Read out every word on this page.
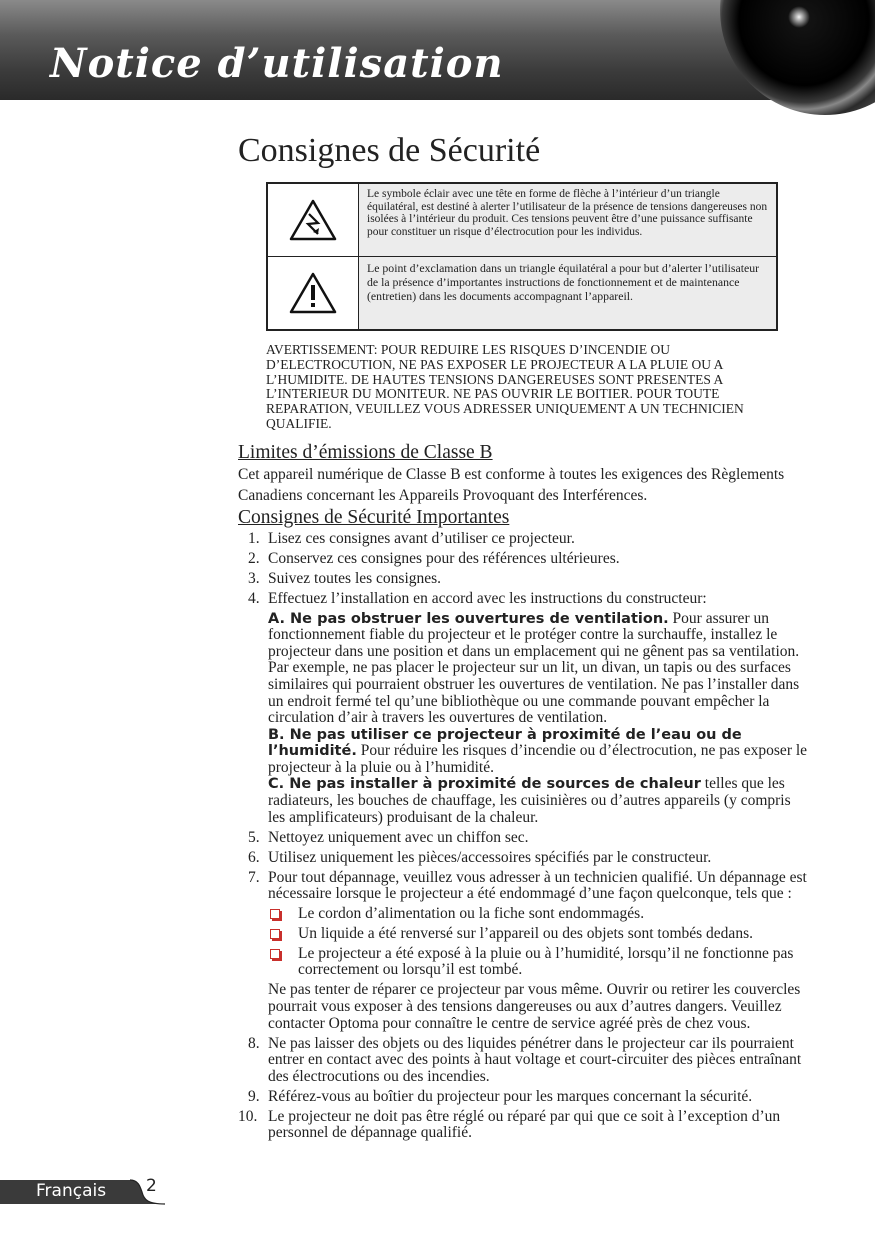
Notice d’utilisation
Consignes de Sécurité
	Le symbole éclair avec une tête en forme de flèche à l’intérieur d’un triangle équilatéral, est destiné à alerter l’utilisateur de la présence de tensions dangereuses non isolées à l’intérieur du produit. Ces tensions peuvent être d’une puissance suffisante pour constituer un risque d’électrocution pour les individus.

	Le point d’exclamation dans un triangle équilatéral a pour but d’alerter l’utilisateur de la présence d’importantes instructions de fonctionnement et de maintenance (entretien) dans les documents accompagnant l’appareil.

AVERTISSEMENT: POUR REDUIRE LES RISQUES D’INCENDIE OU D’ELECTROCUTION, NE PAS EXPOSER LE PROJECTEUR A LA PLUIE OU A L’HUMIDITE. DE HAUTES TENSIONS DANGEREUSES SONT PRESENTES A L’INTERIEUR DU MONITEUR. NE PAS OUVRIR LE BOITIER. POUR TOUTE REPARATION, VEUILLEZ VOUS ADRESSER UNIQUEMENT A UN TECHNICIEN QUALIFIE.

Limites d’émissions de Classe B

Cet appareil numérique de Classe B est conforme à toutes les exigences des Règlements Canadiens concernant les Appareils Provoquant des Interférences.

Consignes de Sécurité Importantes
1. Lisez ces consignes avant d’utiliser ce projecteur.
2. Conservez ces consignes pour des références ultérieures.
3. Suivez toutes les consignes.
4. Effectuez l’installation en accord avec les instructions du constructeur:
A. Ne pas obstruer les ouvertures de ventilation. Pour assurer un fonctionnement fiable du projecteur et le protéger contre la surchauffe, installez le projecteur dans une position et dans un emplacement qui ne gênent pas sa ventilation. Par exemple, ne pas placer le projecteur sur un lit, un divan, un tapis ou des surfaces similaires qui pourraient obstruer les ouvertures de ventilation. Ne pas l’installer dans un endroit fermé tel qu’une bibliothèque ou une commande pouvant empêcher la circulation d’air à travers les ouvertures de ventilation.
B. Ne pas utiliser ce projecteur à proximité de l’eau ou de l’humidité. Pour réduire les risques d’incendie ou d’électrocution, ne pas exposer le projecteur à la pluie ou à l’humidité.
C. Ne pas installer à proximité de sources de chaleur telles que les radiateurs, les bouches de chauffage, les cuisinières ou d’autres appareils (y compris les amplificateurs) produisant de la chaleur.
5. Nettoyez uniquement avec un chiffon sec.
6. Utilisez uniquement les pièces/accessoires spécifiés par le constructeur.
7. Pour tout dépannage, veuillez vous adresser à un technicien qualifié. Un dépannage est nécessaire lorsque le projecteur a été endommagé d’une façon quelconque, tels que :
Le cordon d’alimentation ou la fiche sont endommagés.
Un liquide a été renversé sur l’appareil ou des objets sont tombés dedans.
Le projecteur a été exposé à la pluie ou à l’humidité, lorsqu’il ne fonctionne pas correctement ou lorsqu’il est tombé.
Ne pas tenter de réparer ce projecteur par vous même. Ouvrir ou retirer les couvercles pourrait vous exposer à des tensions dangereuses ou aux d’autres dangers. Veuillez contacter Optoma pour connaître le centre de service agréé près de chez vous.
8. Ne pas laisser des objets ou des liquides pénétrer dans le projecteur car ils pourraient entrer en contact avec des points à haut voltage et court-circuiter des pièces entraînant des électrocutions ou des incendies.
9. Référez-vous au boîtier du projecteur pour les marques concernant la sécurité.
10. Le projecteur ne doit pas être réglé ou réparé par qui que ce soit à l’exception d’un personnel de dépannage qualifié.

Français 2
